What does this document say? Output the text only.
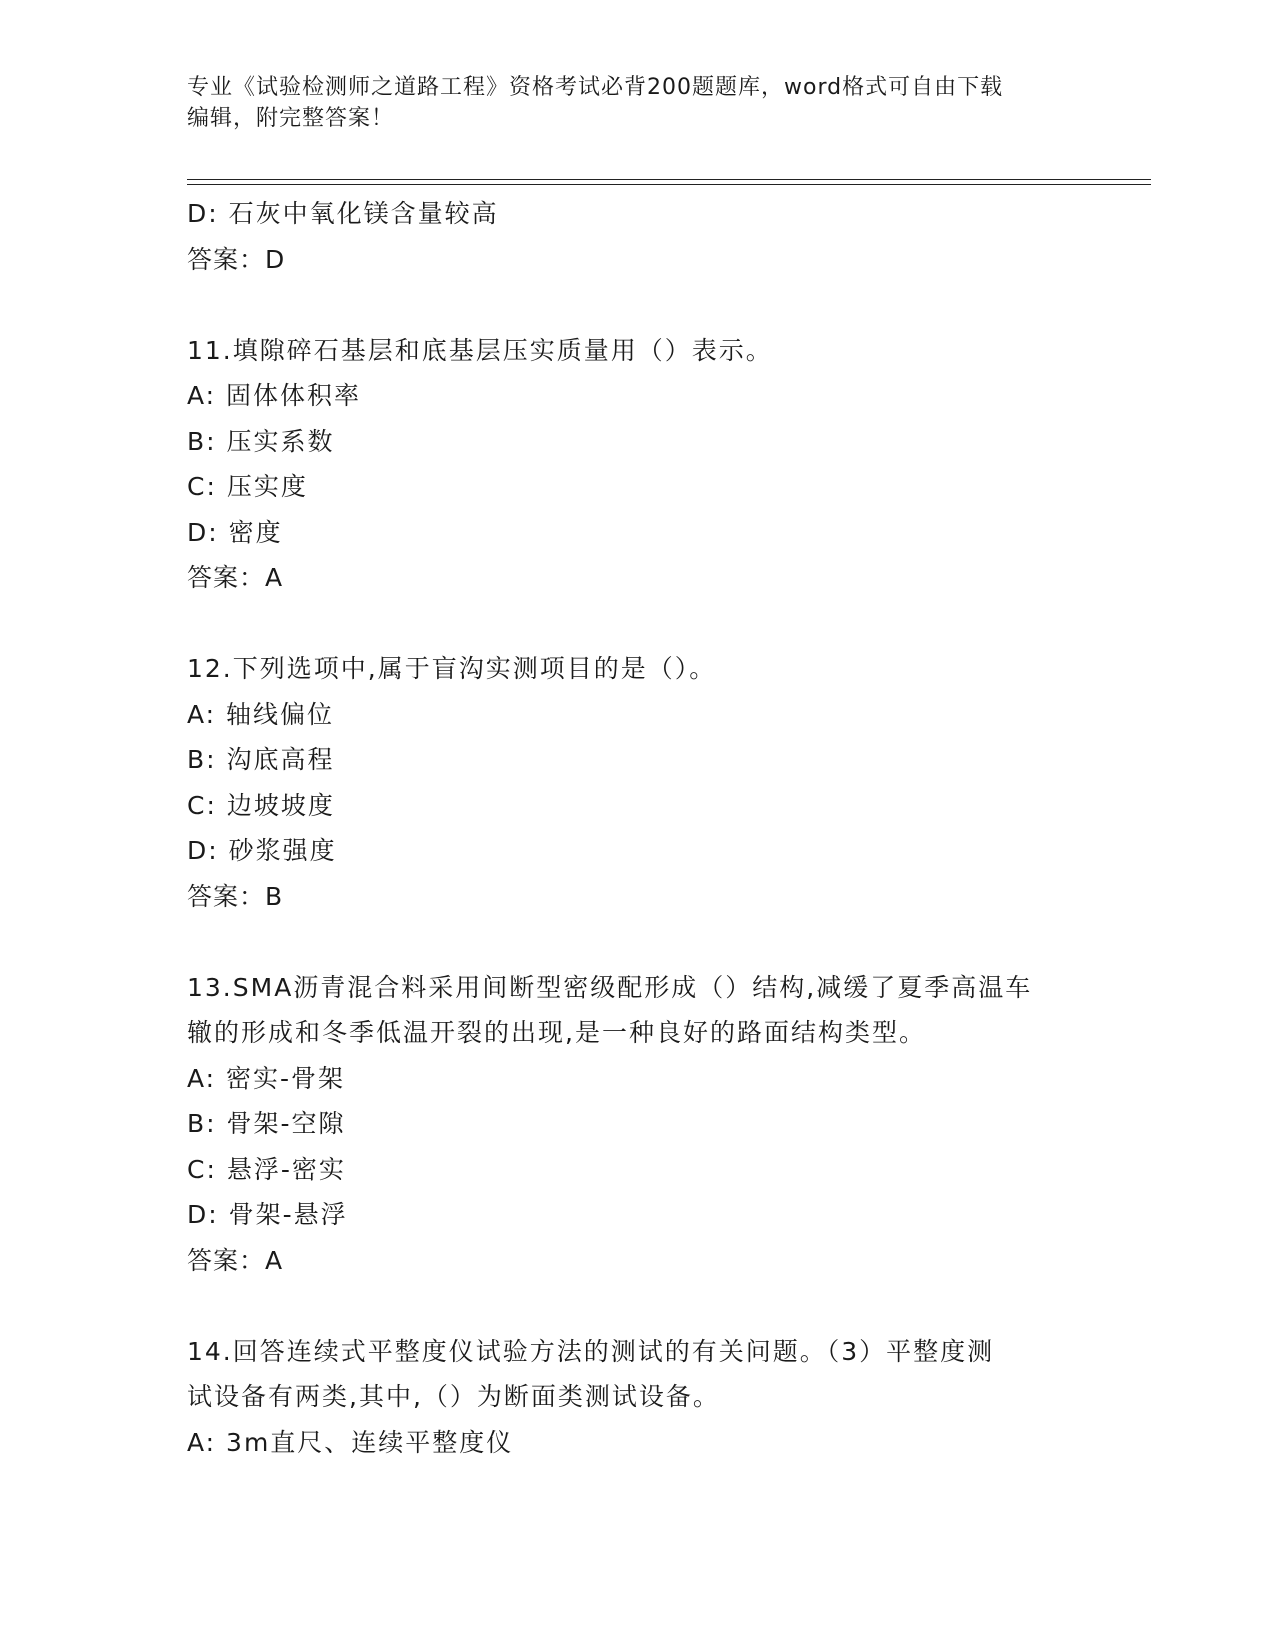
专业《试验检测师之道路工程》资格考试必背200题题库，word格式可自由下载
编辑，附完整答案！
D: 石灰中氧化镁含量较高
答案：D
11.填隙碎石基层和底基层压实质量用（）表示。
A: 固体体积率
B: 压实系数
C: 压实度
D: 密度
答案：A
12.下列选项中,属于盲沟实测项目的是（）。
A: 轴线偏位
B: 沟底高程
C: 边坡坡度
D: 砂浆强度
答案：B
13.SMA沥青混合料采用间断型密级配形成（）结构,减缓了夏季高温车
辙的形成和冬季低温开裂的出现,是一种良好的路面结构类型。
A: 密实-骨架
B: 骨架-空隙
C: 悬浮-密实
D: 骨架-悬浮
答案：A
14.回答连续式平整度仪试验方法的测试的有关问题。（3）平整度测
试设备有两类,其中,（）为断面类测试设备。
A: 3m直尺、连续平整度仪
